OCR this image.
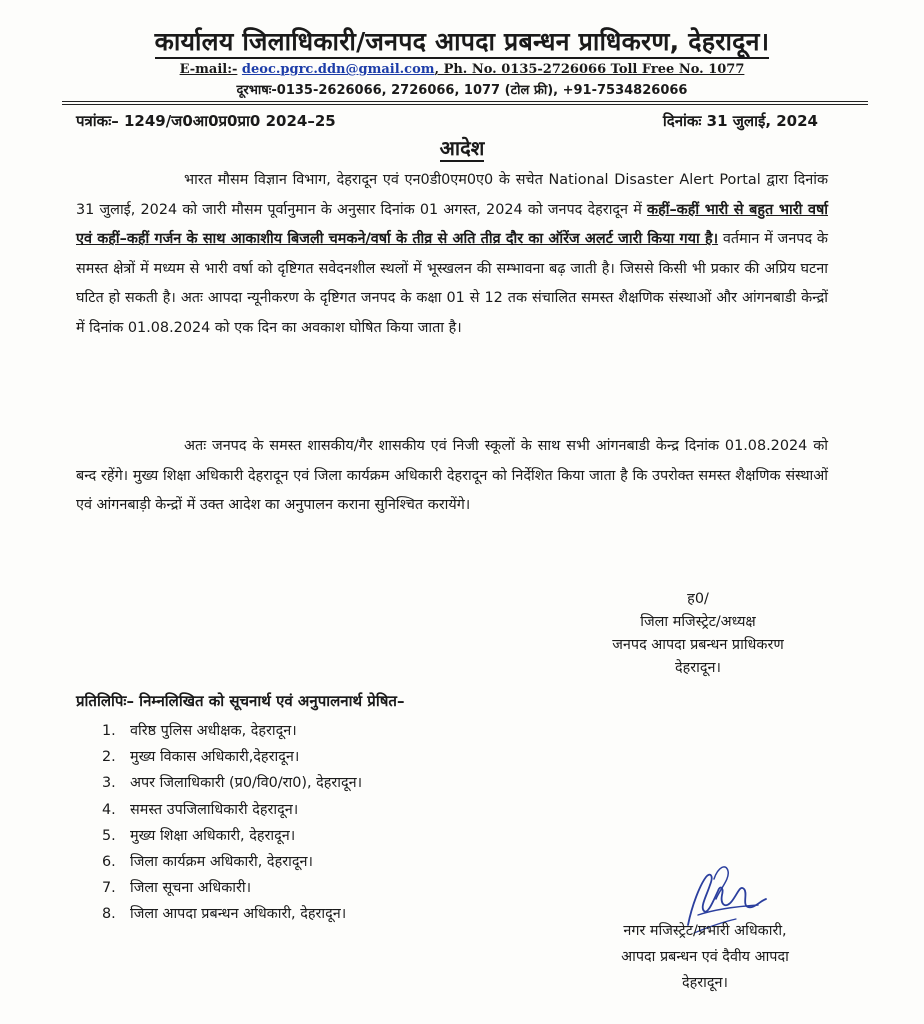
कार्यालय जिलाधिकारी/जनपद आपदा प्रबन्धन प्राधिकरण, देहरादून।
E-mail:- deoc.pgrc.ddn@gmail.com, Ph. No. 0135-2726066 Toll Free No. 1077
दूरभाषः-0135-2626066, 2726066, 1077 (टोल फ्री), +91-7534826066
पत्रांकः– 1249/ज0आ0प्र0प्रा0 2024–25	दिनांकः 31 जुलाई, 2024
आदेश
भारत मौसम विज्ञान विभाग, देहरादून एवं एन0डी0एम0ए0 के सचेत National Disaster Alert Portal द्वारा दिनांक 31 जुलाई, 2024 को जारी मौसम पूर्वानुमान के अनुसार दिनांक 01 अगस्त, 2024 को जनपद देहरादून में कहीं–कहीं भारी से बहुत भारी वर्षा एवं कहीं–कहीं गर्जन के साथ आकाशीय बिजली चमकने/वर्षा के तीव्र से अति तीव्र दौर का ऑरेंज अलर्ट जारी किया गया है। वर्तमान में जनपद के समस्त क्षेत्रों में मध्यम से भारी वर्षा को दृष्टिगत सवेदनशील स्थलों में भूस्खलन की सम्भावना बढ़ जाती है। जिससे किसी भी प्रकार की अप्रिय घटना घटित हो सकती है। अतः आपदा न्यूनीकरण के दृष्टिगत जनपद के कक्षा 01 से 12 तक संचालित समस्त शैक्षणिक संस्थाओं और आंगनबाडी केन्द्रों में दिनांक 01.08.2024 को एक दिन का अवकाश घोषित किया जाता है।
अतः जनपद के समस्त शासकीय/गैर शासकीय एवं निजी स्कूलों के साथ सभी आंगनबाडी केन्द्र दिनांक 01.08.2024 को बन्द रहेंगे। मुख्य शिक्षा अधिकारी देहरादून एवं जिला कार्यक्रम अधिकारी देहरादून को निर्देशित किया जाता है कि उपरोक्त समस्त शैक्षणिक संस्थाओं एवं आंगनबाड़ी केन्द्रों में उक्त आदेश का अनुपालन कराना सुनिश्चित करायेंगे।
ह0/
जिला मजिस्ट्रेट/अध्यक्ष
जनपद आपदा प्रबन्धन प्राधिकरण
देहरादून।
प्रतिलिपिः– निम्नलिखित को सूचनार्थ एवं अनुपालनार्थ प्रेषित–
1. वरिष्ठ पुलिस अधीक्षक, देहरादून।
2. मुख्य विकास अधिकारी,देहरादून।
3. अपर जिलाधिकारी (प्र0/वि0/रा0), देहरादून।
4. समस्त उपजिलाधिकारी देहरादून।
5. मुख्य शिक्षा अधिकारी, देहरादून।
6. जिला कार्यक्रम अधिकारी, देहरादून।
7. जिला सूचना अधिकारी।
8. जिला आपदा प्रबन्धन अधिकारी, देहरादून।
नगर मजिस्ट्रेट/प्रभारी अधिकारी,
आपदा प्रबन्धन एवं दैवीय आपदा
देहरादून।
